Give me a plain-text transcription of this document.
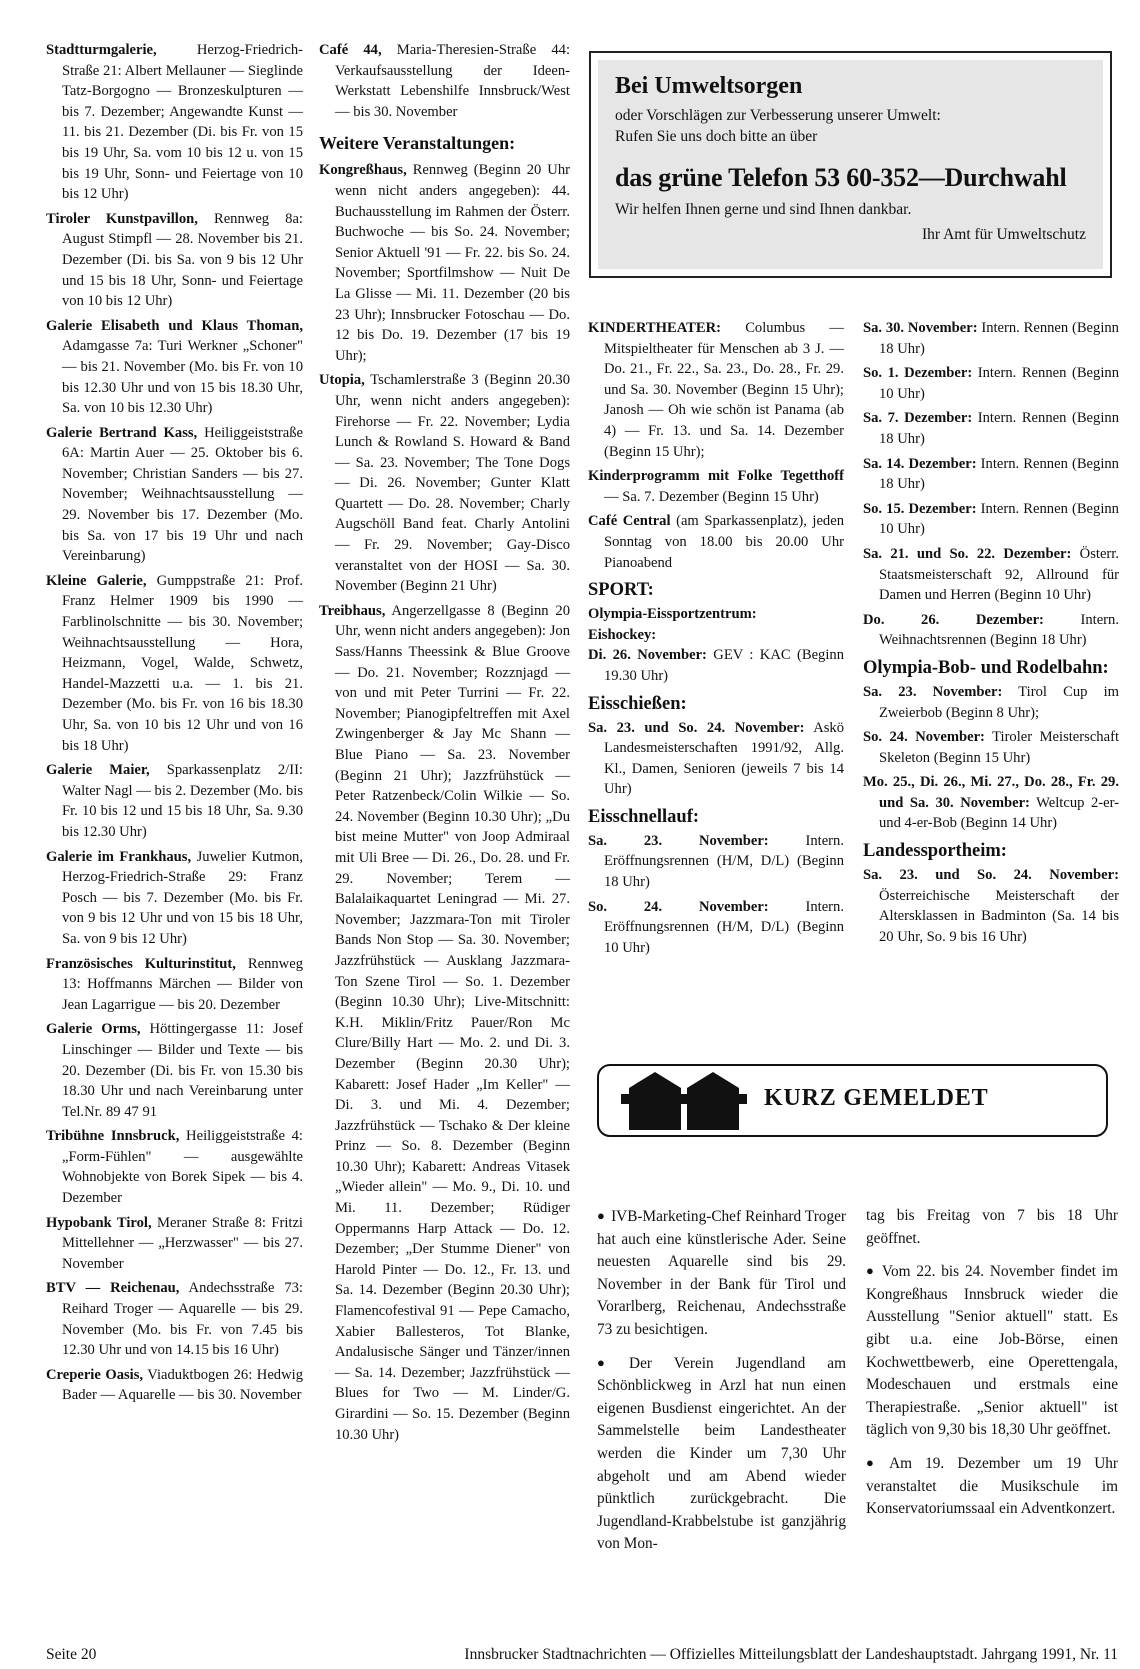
Stadtturmgalerie, Herzog-Friedrich-Straße 21: Albert Mellauner — Sieglinde Tatz-Borgogno — Bronzeskulpturen — bis 7. Dezember; Angewandte Kunst — 11. bis 21. Dezember (Di. bis Fr. von 15 bis 19 Uhr, Sa. vom 10 bis 12 u. von 15 bis 19 Uhr, Sonn- und Feiertage von 10 bis 12 Uhr)
Tiroler Kunstpavillon, Rennweg 8a: August Stimpfl — 28. November bis 21. Dezember (Di. bis Sa. von 9 bis 12 Uhr und 15 bis 18 Uhr, Sonn- und Feiertage von 10 bis 12 Uhr)
Galerie Elisabeth und Klaus Thoman, Adamgasse 7a: Turi Werkner „Schoner" — bis 21. November (Mo. bis Fr. von 10 bis 12.30 Uhr und von 15 bis 18.30 Uhr, Sa. von 10 bis 12.30 Uhr)
Galerie Bertrand Kass, Heiliggeiststraße 6A: Martin Auer — 25. Oktober bis 6. November; Christian Sanders — bis 27. November; Weihnachtsausstellung — 29. November bis 17. Dezember (Mo. bis Sa. von 17 bis 19 Uhr und nach Vereinbarung)
Kleine Galerie, Gumppstraße 21: Prof. Franz Helmer 1909 bis 1990 — Farblinolschnitte — bis 30. November; Weihnachtsausstellung — Hora, Heizmann, Vogel, Walde, Schwetz, Handel-Mazzetti u.a. — 1. bis 21. Dezember (Mo. bis Fr. von 16 bis 18.30 Uhr, Sa. von 10 bis 12 Uhr und von 16 bis 18 Uhr)
Galerie Maier, Sparkassenplatz 2/II: Walter Nagl — bis 2. Dezember (Mo. bis Fr. 10 bis 12 und 15 bis 18 Uhr, Sa. 9.30 bis 12.30 Uhr)
Galerie im Frankhaus, Juwelier Kutmon, Herzog-Friedrich-Straße 29: Franz Posch — bis 7. Dezember (Mo. bis Fr. von 9 bis 12 Uhr und von 15 bis 18 Uhr, Sa. von 9 bis 12 Uhr)
Französisches Kulturinstitut, Rennweg 13: Hoffmanns Märchen — Bilder von Jean Lagarrigue — bis 20. Dezember
Galerie Orms, Höttingergasse 11: Josef Linschinger — Bilder und Texte — bis 20. Dezember (Di. bis Fr. von 15.30 bis 18.30 Uhr und nach Vereinbarung unter Tel.Nr. 89 47 91
Tribühne Innsbruck, Heiliggeiststraße 4: „Form-Fühlen" — ausgewählte Wohnobjekte von Borek Sipek — bis 4. Dezember
Hypobank Tirol, Meraner Straße 8: Fritzi Mittellehner — „Herzwasser" — bis 27. November
BTV — Reichenau, Andechsstraße 73: Reihard Troger — Aquarelle — bis 29. November (Mo. bis Fr. von 7.45 bis 12.30 Uhr und von 14.15 bis 16 Uhr)
Creperie Oasis, Viaduktbogen 26: Hedwig Bader — Aquarelle — bis 30. November
Café 44, Maria-Theresien-Straße 44: Verkaufsausstellung der Ideen-Werkstatt Lebenshilfe Innsbruck/West — bis 30. November
Weitere Veranstaltungen:
Kongreßhaus, Rennweg (Beginn 20 Uhr wenn nicht anders angegeben): 44. Buchausstellung im Rahmen der Österr. Buchwoche — bis So. 24. November; Senior Aktuell '91 — Fr. 22. bis So. 24. November; Sportfilmshow — Nuit De La Glisse — Mi. 11. Dezember (20 bis 23 Uhr); Innsbrucker Fotoschau — Do. 12 bis Do. 19. Dezember (17 bis 19 Uhr);
Utopia, Tschamlerstraße 3 (Beginn 20.30 Uhr, wenn nicht anders angegeben): Firehorse — Fr. 22. November; Lydia Lunch & Rowland S. Howard & Band — Sa. 23. November; The Tone Dogs — Di. 26. November; Gunter Klatt Quartett — Do. 28. November; Charly Augschöll Band feat. Charly Antolini — Fr. 29. November; Gay-Disco veranstaltet von der HOSI — Sa. 30. November (Beginn 21 Uhr)
Treibhaus, Angerzellgasse 8 (Beginn 20 Uhr, wenn nicht anders angegeben): Jon Sass/Hanns Theessink & Blue Groove — Do. 21. November; Rozznjagd — von und mit Peter Turrini — Fr. 22. November; Pianogipfeltreffen mit Axel Zwingenberger & Jay Mc Shann — Blue Piano — Sa. 23. November (Beginn 21 Uhr); Jazzfrühstück — Peter Ratzenbeck/Colin Wilkie — So. 24. November (Beginn 10.30 Uhr); „Du bist meine Mutter" von Joop Admiraal mit Uli Bree — Di. 26., Do. 28. und Fr. 29. November; Terem — Balalaikaquartet Leningrad — Mi. 27. November; Jazzmara-Ton mit Tiroler Bands Non Stop — Sa. 30. November; Jazzfrühstück — Ausklang Jazzmara-Ton Szene Tirol — So. 1. Dezember (Beginn 10.30 Uhr); Live-Mitschnitt: K.H. Miklin/Fritz Pauer/Ron Mc Clure/Billy Hart — Mo. 2. und Di. 3. Dezember (Beginn 20.30 Uhr); Kabarett: Josef Hader „Im Keller" — Di. 3. und Mi. 4. Dezember; Jazzfrühstück — Tschako & Der kleine Prinz — So. 8. Dezember (Beginn 10.30 Uhr); Kabarett: Andreas Vitasek „Wieder allein" — Mo. 9., Di. 10. und Mi. 11. Dezember; Rüdiger Oppermanns Harp Attack — Do. 12. Dezember; „Der Stumme Diener" von Harold Pinter — Do. 12., Fr. 13. und Sa. 14. Dezember (Beginn 20.30 Uhr); Flamencofestival 91 — Pepe Camacho, Xabier Ballesteros, Tot Blanke, Andalusische Sänger und Tänzer/innen — Sa. 14. Dezember; Jazzfrühstück — Blues for Two — M. Linder/G. Girardini — So. 15. Dezember (Beginn 10.30 Uhr)
Bei Umweltsorgen
oder Vorschlägen zur Verbesserung unserer Umwelt:
Rufen Sie uns doch bitte an über
das grüne Telefon 53 60-352—Durchwahl
Wir helfen Ihnen gerne und sind Ihnen dankbar.
Ihr Amt für Umweltschutz
KINDERTHEATER: Columbus — Mitspieltheater für Menschen ab 3 J. — Do. 21., Fr. 22., Sa. 23., Do. 28., Fr. 29. und Sa. 30. November (Beginn 15 Uhr); Janosh — Oh wie schön ist Panama (ab 4) — Fr. 13. und Sa. 14. Dezember (Beginn 15 Uhr);
Kinderprogramm mit Folke Tegetthoff — Sa. 7. Dezember (Beginn 15 Uhr)
Café Central (am Sparkassenplatz), jeden Sonntag von 18.00 bis 20.00 Uhr Pianoabend
SPORT:
Olympia-Eissportzentrum:
Eishockey:
Di. 26. November: GEV : KAC (Beginn 19.30 Uhr)
Eisschießen:
Sa. 23. und So. 24. November: Askö Landesmeisterschaften 1991/92, Allg. Kl., Damen, Senioren (jeweils 7 bis 14 Uhr)
Eisschnellauf:
Sa. 23. November:	Intern. Eröffnungsrennen (H/M, D/L) (Beginn 18 Uhr)
So. 24. November:	Intern. Eröffnungsrennen (H/M, D/L) (Beginn 10 Uhr)
Sa. 30. November: Intern. Rennen (Beginn 18 Uhr)
So. 1. Dezember: Intern. Rennen (Beginn 10 Uhr)
Sa. 7. Dezember: Intern. Rennen (Beginn 18 Uhr)
Sa. 14. Dezember: Intern. Rennen (Beginn 18 Uhr)
So. 15. Dezember: Intern. Rennen (Beginn 10 Uhr)
Sa. 21. und So. 22. Dezember: Österr. Staatsmeisterschaft 92, Allround für Damen und Herren (Beginn 10 Uhr)
Do. 26. Dezember: Intern. Weihnachtsrennen (Beginn 18 Uhr)
Olympia-Bob- und Rodelbahn:
Sa. 23. November: Tirol Cup im Zweierbob (Beginn 8 Uhr);
So. 24. November: Tiroler Meisterschaft Skeleton (Beginn 15 Uhr)
Mo. 25., Di. 26., Mi. 27., Do. 28., Fr. 29. und Sa. 30. November: Weltcup 2-er- und 4-er-Bob (Beginn 14 Uhr)
Landessportheim:
Sa. 23. und So. 24. November: Österreichische Meisterschaft der Altersklassen in Badminton (Sa. 14 bis 20 Uhr, So. 9 bis 16 Uhr)
KURZ GEMELDET
● IVB-Marketing-Chef Reinhard Troger hat auch eine künstlerische Ader. Seine neuesten Aquarelle sind bis 29. November in der Bank für Tirol und Vorarlberg, Reichenau, Andechsstraße 73 zu besichtigen.
● Der Verein Jugendland am Schönblickweg in Arzl hat nun einen eigenen Busdienst eingerichtet. An der Sammelstelle beim Landestheater werden die Kinder um 7,30 Uhr abgeholt und am Abend wieder pünktlich zurückgebracht. Die Jugendland-Krabbelstube ist ganzjährig von Mon-
tag bis Freitag von 7 bis 18 Uhr geöffnet.
● Vom 22. bis 24. November findet im Kongreßhaus Innsbruck wieder die Ausstellung "Senior aktuell" statt. Es gibt u.a. eine Job-Börse, einen Kochwettbewerb, eine Operettengala, Modeschauen und erstmals eine Therapiestraße. „Senior aktuell" ist täglich von 9,30 bis 18,30 Uhr geöffnet.
● Am 19. Dezember um 19 Uhr veranstaltet die Musikschule im Konservatoriumssaal ein Adventkonzert.
Seite 20	Innsbrucker Stadtnachrichten — Offizielles Mitteilungsblatt der Landeshauptstadt. Jahrgang 1991, Nr. 11
